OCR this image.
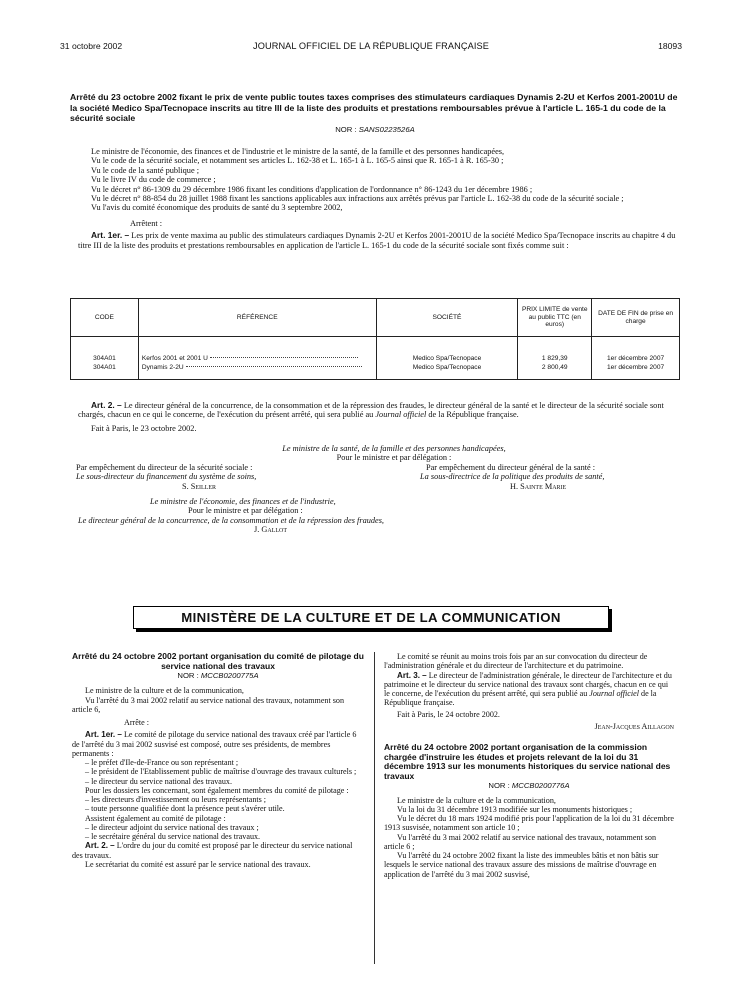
31 octobre 2002	JOURNAL OFFICIEL DE LA RÉPUBLIQUE FRANÇAISE	18093
Arrêté du 23 octobre 2002 fixant le prix de vente public toutes taxes comprises des stimulateurs cardiaques Dynamis 2-2U et Kerfos 2001-2001U de la société Medico Spa/Tecnopace inscrits au titre III de la liste des produits et prestations remboursables prévue à l'article L. 165-1 du code de la sécurité sociale
NOR : SANS0223526A

Le ministre de l'économie, des finances et de l'industrie et le ministre de la santé, de la famille et des personnes handicapées,

Vu le code de la sécurité sociale, et notamment ses articles L. 162-38 et L. 165-1 à L. 165-5 ainsi que R. 165-1 à R. 165-30 ;

Vu le code de la santé publique ;

Vu le livre IV du code de commerce ;

Vu le décret n° 86-1309 du 29 décembre 1986 fixant les conditions d'application de l'ordonnance n° 86-1243 du 1er décembre 1986 ;

Vu le décret n° 88-854 du 28 juillet 1988 fixant les sanctions applicables aux infractions aux arrêtés prévus par l'article L. 162-38 du code de la sécurité sociale ;

Vu l'avis du comité économique des produits de santé du 3 septembre 2002,

Arrêtent :

Art. 1er. – Les prix de vente maxima au public des stimulateurs cardiaques Dynamis 2-2U et Kerfos 2001-2001U de la société Medico Spa/Tecnopace inscrits au chapitre 4 du titre III de la liste des produits et prestations remboursables en application de l'article L. 165-1 du code de la sécurité sociale sont fixés comme suit :

CODE	RÉFÉRENCE	SOCIÉTÉ	PRIX LIMITE de vente au public TTC (en euros)	DATE DE FIN de prise en charge

304A01	Kerfos 2001 et 2001 U	Medico Spa/Tecnopace	1 829,39	1er décembre 2007
304A01	Dynamis 2-2U	Medico Spa/Tecnopace	2 800,49	1er décembre 2007

Art. 2. – Le directeur général de la concurrence, de la consommation et de la répression des fraudes, le directeur général de la santé et le directeur de la sécurité sociale sont chargés, chacun en ce qui le concerne, de l'exécution du présent arrêté, qui sera publié au Journal officiel de la République française.

Fait à Paris, le 23 octobre 2002.

Le ministre de la santé, de la famille et des personnes handicapées,

Pour le ministre et par délégation :

Par empêchement du directeur de la sécurité sociale :

Le sous-directeur du financement du système de soins,

S. Seiller

Par empêchement du directeur général de la santé :

La sous-directrice de la politique des produits de santé,

H. Sainte Marie

Le ministre de l'économie, des finances et de l'industrie,

Pour le ministre et par délégation :

Le directeur général de la concurrence, de la consommation et de la répression des fraudes,

J. Gallot

MINISTÈRE DE LA CULTURE ET DE LA COMMUNICATION
Arrêté du 24 octobre 2002 portant organisation du comité de pilotage du service national des travaux
NOR : MCCB0200775A

Le ministre de la culture et de la communication,

Vu l'arrêté du 3 mai 2002 relatif au service national des travaux, notamment son article 6,

Arrête :

Art. 1er. – Le comité de pilotage du service national des travaux créé par l'article 6 de l'arrêté du 3 mai 2002 susvisé est composé, outre ses présidents, de membres permanents :

– le préfet d'Ile-de-France ou son représentant ;

– le président de l'Etablissement public de maîtrise d'ouvrage des travaux culturels ;

– le directeur du service national des travaux.

Pour les dossiers les concernant, sont également membres du comité de pilotage :

– les directeurs d'investissement ou leurs représentants ;

– toute personne qualifiée dont la présence peut s'avérer utile.

Assistent également au comité de pilotage :

– le directeur adjoint du service national des travaux ;

– le secrétaire général du service national des travaux.

Art. 2. – L'ordre du jour du comité est proposé par le directeur du service national des travaux.

Le secrétariat du comité est assuré par le service national des travaux.

Le comité se réunit au moins trois fois par an sur convocation du directeur de l'administration générale et du directeur de l'architecture et du patrimoine.

Art. 3. – Le directeur de l'administration générale, le directeur de l'architecture et du patrimoine et le directeur du service national des travaux sont chargés, chacun en ce qui le concerne, de l'exécution du présent arrêté, qui sera publié au Journal officiel de la République française.

Fait à Paris, le 24 octobre 2002.

Jean-Jacques Aillagon

Arrêté du 24 octobre 2002 portant organisation de la commission chargée d'instruire les études et projets relevant de la loi du 31 décembre 1913 sur les monuments historiques du service national des travaux
NOR : MCCB0200776A

Le ministre de la culture et de la communication,

Vu la loi du 31 décembre 1913 modifiée sur les monuments historiques ;

Vu le décret du 18 mars 1924 modifié pris pour l'application de la loi du 31 décembre 1913 susvisée, notamment son article 10 ;

Vu l'arrêté du 3 mai 2002 relatif au service national des travaux, notamment son article 6 ;

Vu l'arrêté du 24 octobre 2002 fixant la liste des immeubles bâtis et non bâtis sur lesquels le service national des travaux assure des missions de maîtrise d'ouvrage en application de l'arrêté du 3 mai 2002 susvisé,
